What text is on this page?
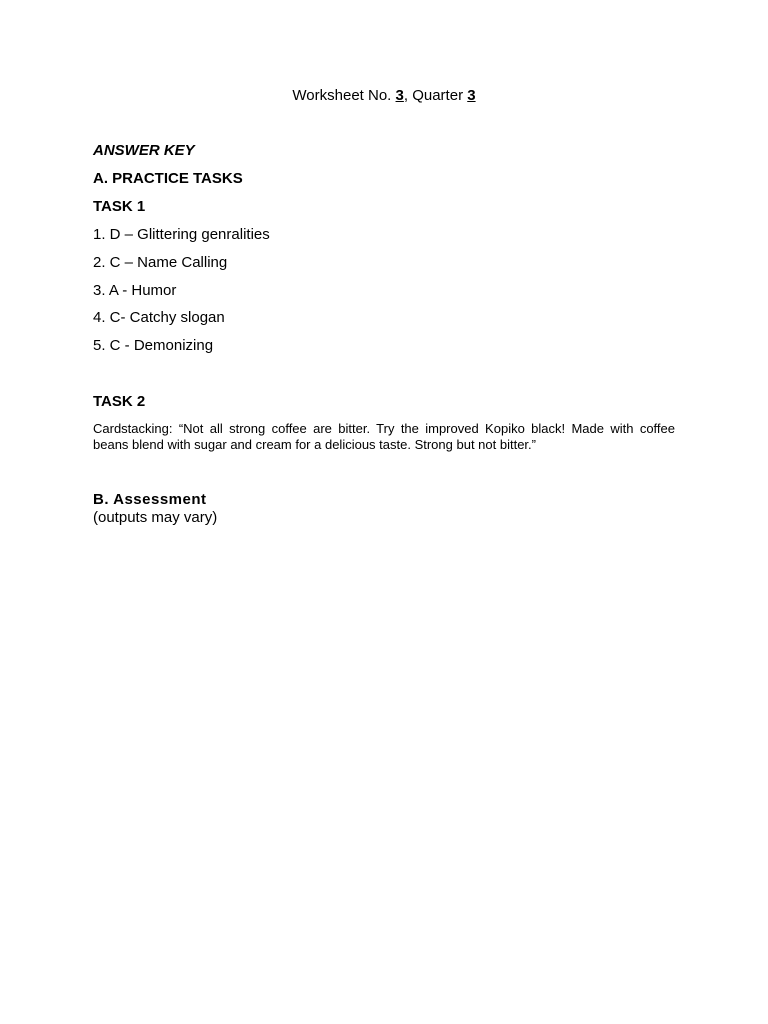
Worksheet No. 3, Quarter 3
ANSWER KEY
A. PRACTICE TASKS
TASK 1
1. D – Glittering genralities
2. C – Name Calling
3. A - Humor
4. C- Catchy slogan
5. C - Demonizing
TASK 2
Cardstacking: “Not all strong coffee are bitter. Try the improved Kopiko black! Made with coffee beans blend with sugar and cream for a delicious taste. Strong but not bitter.”
B. Assessment
(outputs may vary)
